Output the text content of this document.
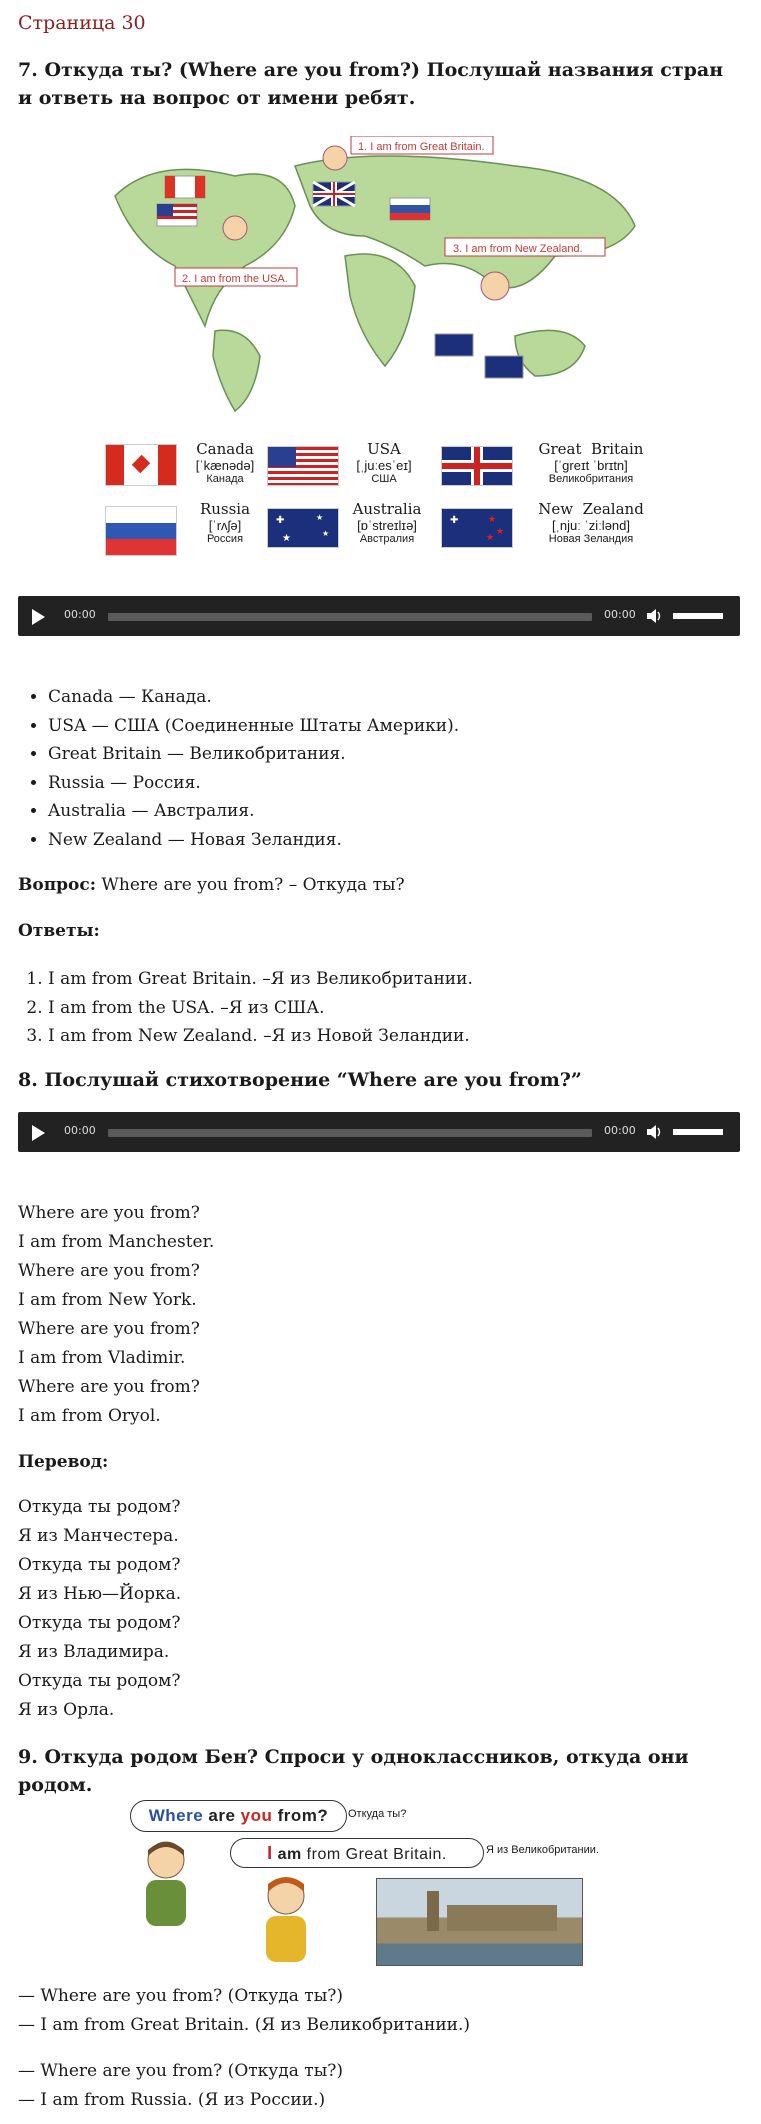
Страница 30
7. Откуда ты? (Where are you from?) Послушай названия стран и ответь на вопрос от имени ребят.
1. I am from Great Britain.
2. I am from the USA.
3. I am from New Zealand.
Canada
[ˈkænədə]
Канада
USA
[ˌjuːesˈeɪ]
США
Great  Britain
[ˈɡreɪt ˈbrɪtn]
Великобритания
Russia
[ˈrʌʃə]
Россия
✚	★
★
★
Australia
[ɒˈstreɪlɪə]
Австралия
✚	★
★
★
New  Zealand
[ˌnjuː ˈziːlənd]
Новая Зеландия
00:00	00:00
• Canada — Канада.
• USA — США (Соединенные Штаты Америки).
• Great Britain — Великобритания.
• Russia — Россия.
• Australia — Австралия.
• New Zealand — Новая Зеландия.
Вопрос: Where are you from? – Откуда ты?
Ответы:
1. I am from Great Britain. –Я из Великобритании.
2. I am from the USA. –Я из США.
3. I am from New Zealand. –Я из Новой Зеландии.
8. Послушай стихотворение “Where are you from?”
00:00	00:00
Where are you from?
I am from Manchester.
Where are you from?
I am from New York.
Where are you from?
I am from Vladimir.
Where are you from?
I am from Oryol.
Перевод:
Откуда ты родом?
Я из Манчестера.
Откуда ты родом?
Я из Нью—Йорка.
Откуда ты родом?
Я из Владимира.
Откуда ты родом?
Я из Орла.
9. Откуда родом Бен? Спроси у одноклассников, откуда они родом.
Where are you from?	Откуда ты?
I am from Great Britain.	Я из Великобритании.
— Where are you from? (Откуда ты?)
— I am from Great Britain. (Я из Великобритании.)
— Where are you from? (Откуда ты?)
— I am from Russia. (Я из России.)
